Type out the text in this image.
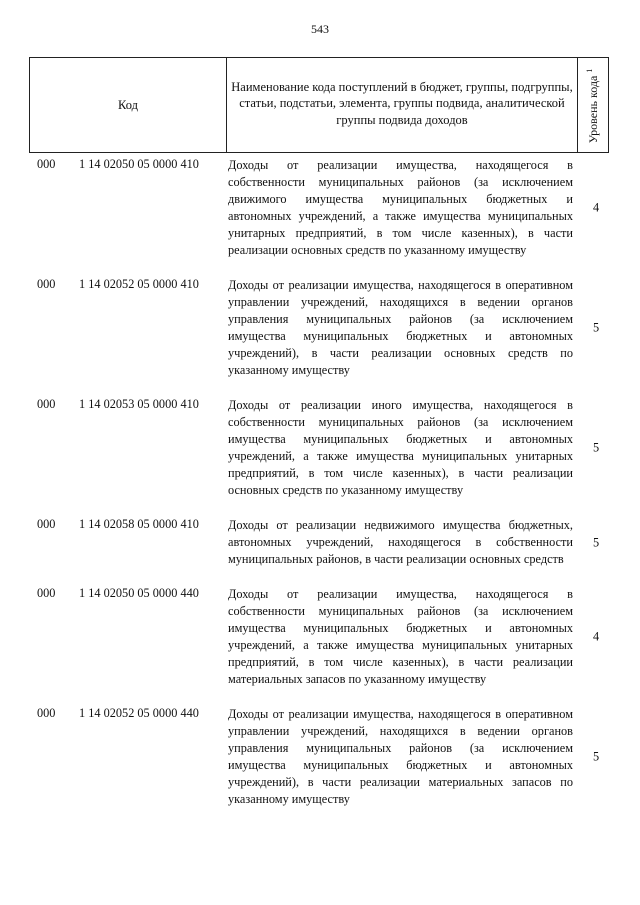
543
Код
Наименование кода поступлений в бюджет, группы, подгруппы, статьи, подстатьи, элемента, группы подвида, аналитической группы подвида доходов	Уровень кода $^1$
000 1 14 02050 05 0000 410 Доходы от реализации имущества, находящегося в собственности муниципальных районов (за исключением движимого имущества муниципальных бюджетных и автономных учреждений, а также имущества муниципальных унитарных предприятий, в том числе казенных), в части реализации основных средств по указанному имуществу
4
000 1 14 02052 05 0000 410 Доходы от реализации имущества, находящегося в оперативном управлении учреждений, находящихся в ведении органов управления муниципальных районов (за исключением имущества муниципальных бюджетных и автономных учреждений), в части реализации основных средств по указанному имуществу
5
000 1 14 02053 05 0000 410 Доходы от реализации иного имущества, находящегося в собственности муниципальных районов (за исключением имущества муниципальных бюджетных и автономных учреждений, а также имущества муниципальных унитарных предприятий, в том числе казенных), в части реализации основных средств по указанному имуществу
5
000 1 14 02058 05 0000 410 Доходы от реализации недвижимого имущества бюджетных, автономных учреждений, находящегося в собственности муниципальных районов, в части реализации основных средств
5
000 1 14 02050 05 0000 440 Доходы от реализации имущества, находящегося в собственности муниципальных районов (за исключением имущества муниципальных бюджетных и автономных учреждений, а также имущества муниципальных унитарных предприятий, в том числе казенных), в части реализации материальных запасов по указанному имуществу
4
000 1 14 02052 05 0000 440 Доходы от реализации имущества, находящегося в оперативном управлении учреждений, находящихся в ведении органов управления муниципальных районов (за исключением имущества муниципальных бюджетных и автономных учреждений), в части реализации материальных запасов по указанному имуществу
5
